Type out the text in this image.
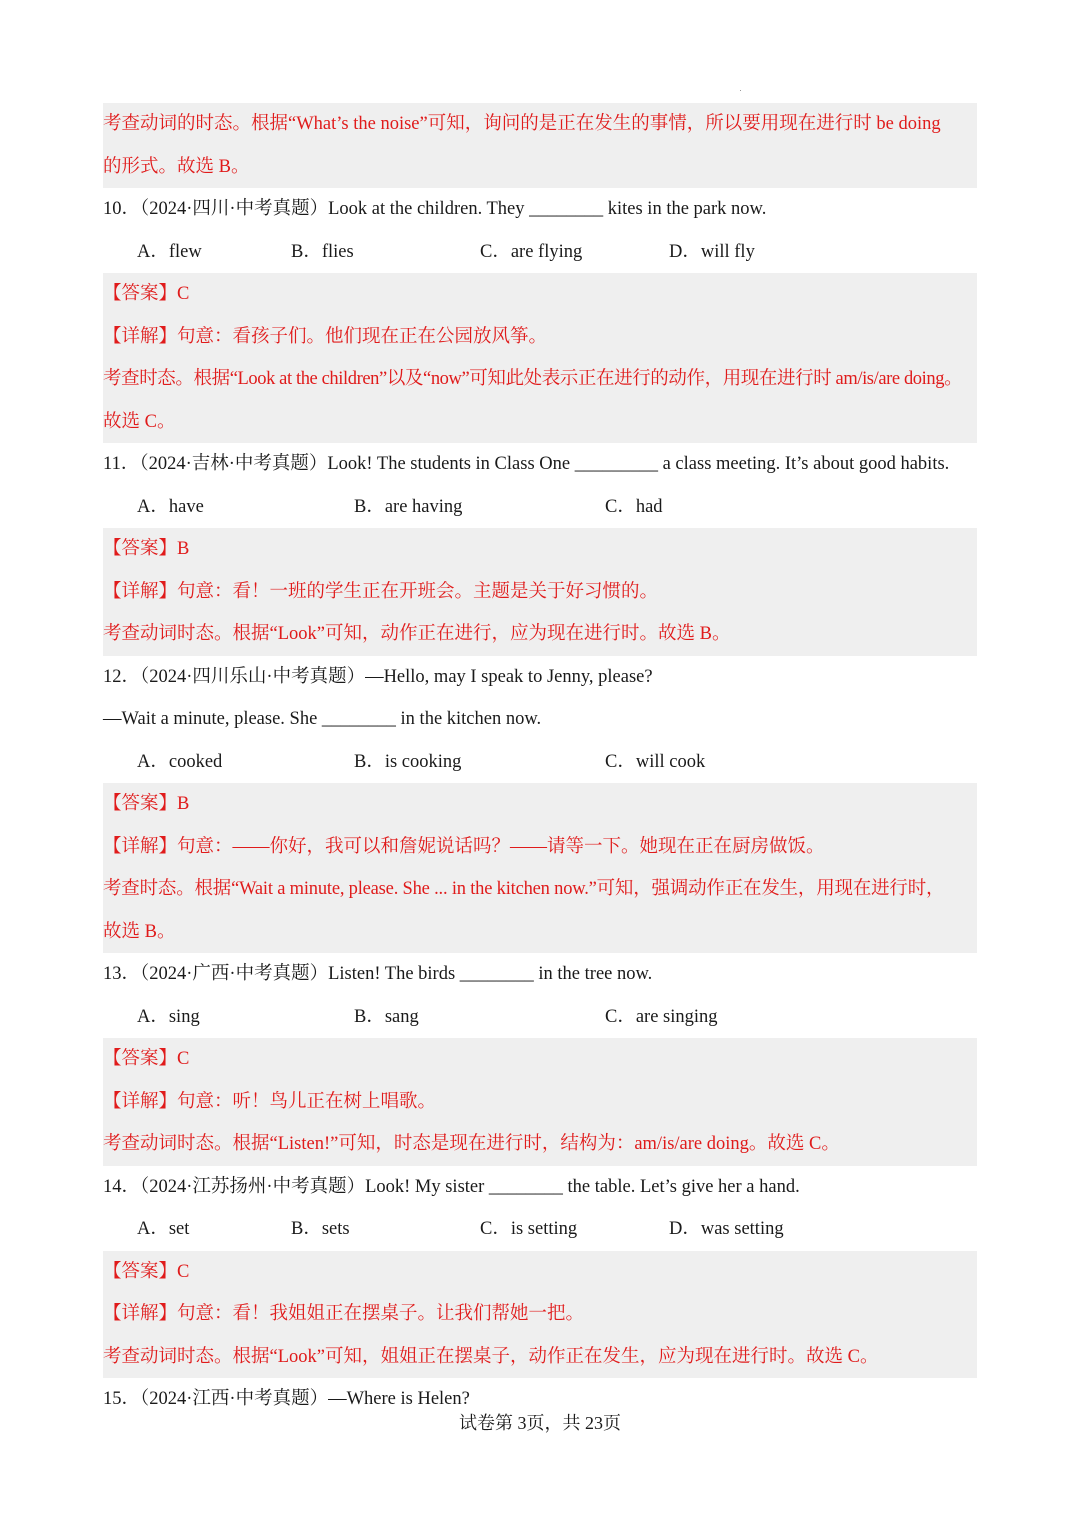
考查动词的时态。根据“What’s the noise”可知，询问的是正在发生的事情，所以要用现在进行时 be doing
的形式。故选 B。
10．（2024·四川·中考真题）Look at the children. They ________ kites in the park now.
A．flew	B．flies	C．are flying	D．will fly
【答案】C
【详解】句意：看孩子们。他们现在正在公园放风筝。
考查时态。根据“Look at the children”以及“now”可知此处表示正在进行的动作，用现在进行时 am/is/are doing。
故选 C。
11．（2024·吉林·中考真题）Look! The students in Class One _________ a class meeting. It’s about good habits.
A．have	B．are having	C．had
【答案】B
【详解】句意：看！一班的学生正在开班会。主题是关于好习惯的。
考查动词时态。根据“Look”可知，动作正在进行，应为现在进行时。故选 B。
12．（2024·四川乐山·中考真题）—Hello, may I speak to Jenny, please?
—Wait a minute, please. She ________ in the kitchen now.
A．cooked	B．is cooking	C．will cook
【答案】B
【详解】句意：——你好，我可以和詹妮说话吗？——请等一下。她现在正在厨房做饭。
考查时态。根据“Wait a minute, please. She ... in the kitchen now.”可知，强调动作正在发生，用现在进行时，
故选 B。
13．（2024·广西·中考真题）Listen! The birds ________ in the tree now.
A．sing	B．sang	C．are singing
【答案】C
【详解】句意：听！鸟儿正在树上唱歌。
考查动词时态。根据“Listen!”可知，时态是现在进行时，结构为：am/is/are doing。故选 C。
14．（2024·江苏扬州·中考真题）Look! My sister ________ the table. Let’s give her a hand.
A．set	B．sets	C．is setting	D．was setting
【答案】C
【详解】句意：看！我姐姐正在摆桌子。让我们帮她一把。
考查动词时态。根据“Look”可知，姐姐正在摆桌子，动作正在发生，应为现在进行时。故选 C。
15．（2024·江西·中考真题）—Where is Helen?
试卷第 3页，共 23页
